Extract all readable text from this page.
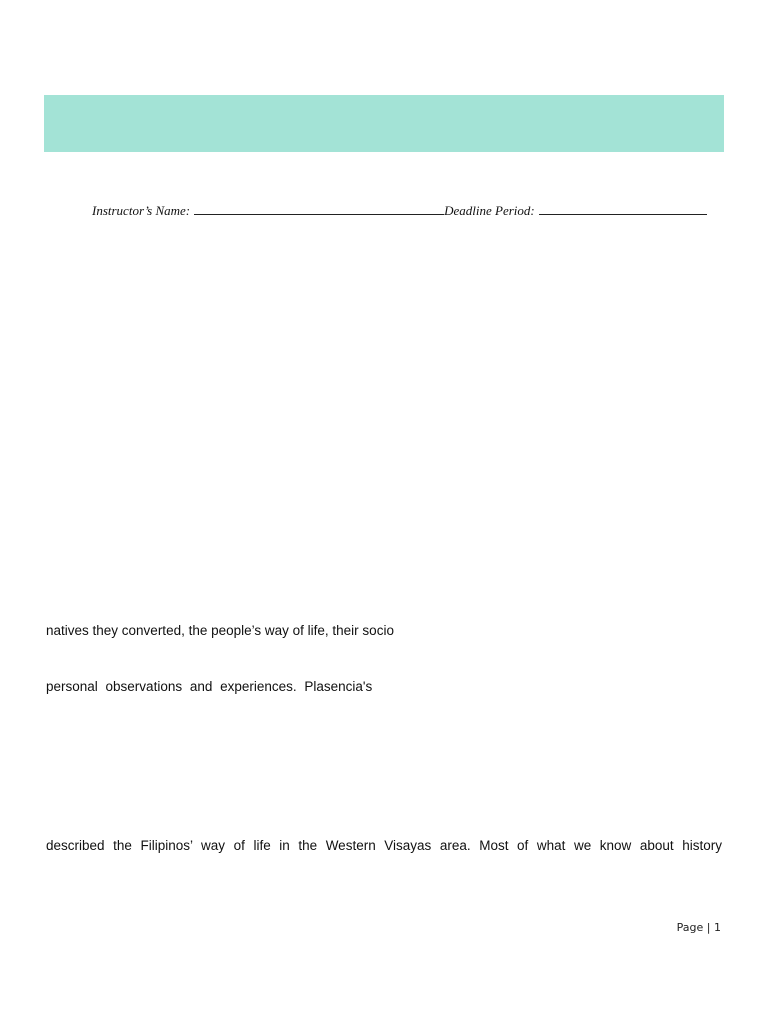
Instructor’s Name:	Deadline Period:
natives they converted, the people’s way of life, their socio
personal observations and experiences. Plasencia's
described the Filipinos’ way of life in the Western Visayas area. Most of what we know about history
Page | 1
